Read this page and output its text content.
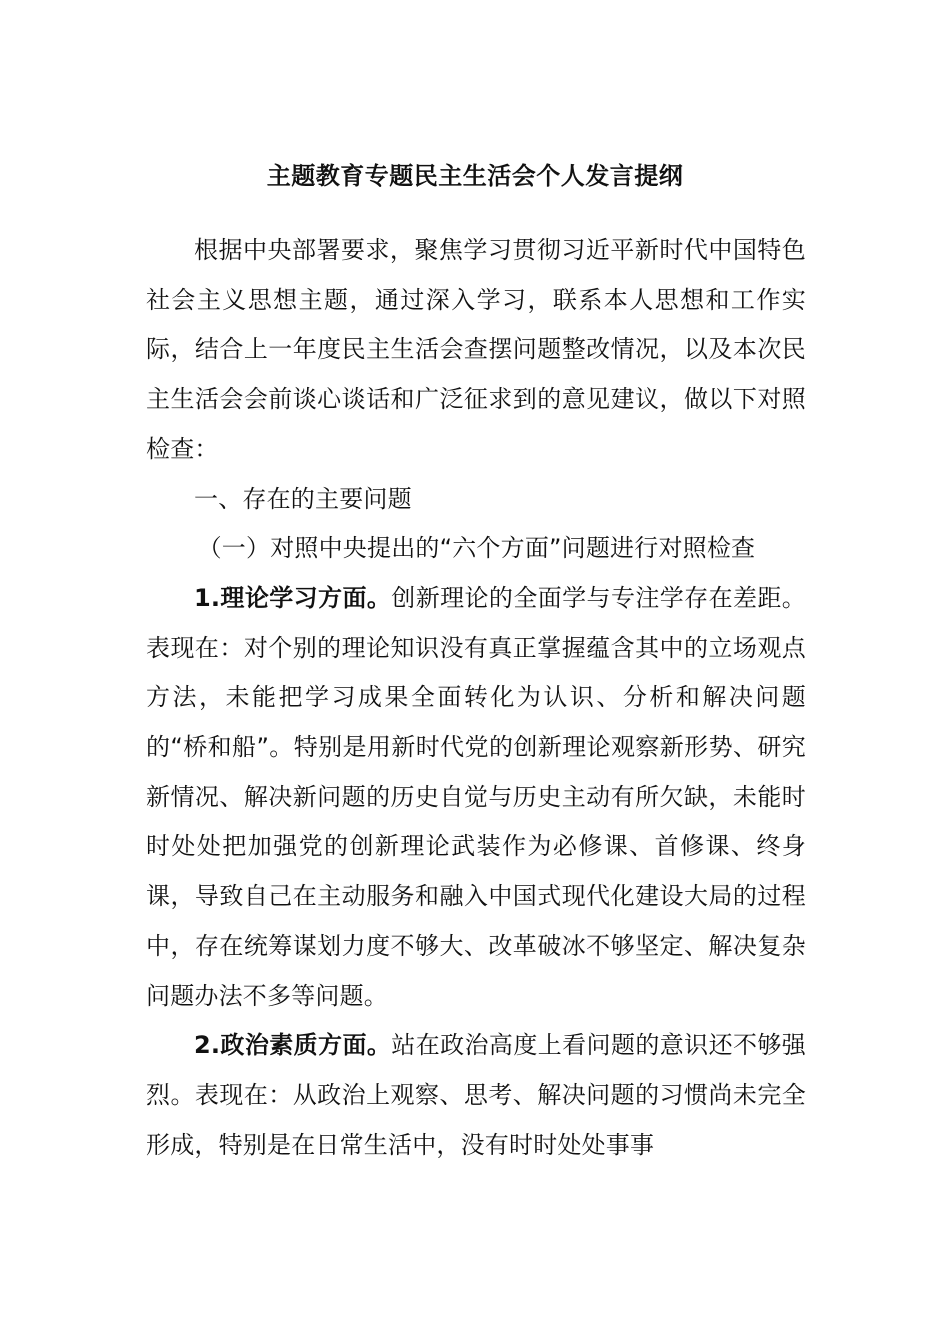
主题教育专题民主生活会个人发言提纲

根据中央部署要求，聚焦学习贯彻习近平新时代中国特色社会主义思想主题，通过深入学习，联系本人思想和工作实际，结合上一年度民主生活会查摆问题整改情况，以及本次民主生活会会前谈心谈话和广泛征求到的意见建议，做以下对照检查：

一、存在的主要问题

（一）对照中央提出的“六个方面”问题进行对照检查

1.理论学习方面。创新理论的全面学与专注学存在差距。表现在：对个别的理论知识没有真正掌握蕴含其中的立场观点方法，未能把学习成果全面转化为认识、分析和解决问题的“桥和船”。特别是用新时代党的创新理论观察新形势、研究新情况、解决新问题的历史自觉与历史主动有所欠缺，未能时时处处把加强党的创新理论武装作为必修课、首修课、终身课，导致自己在主动服务和融入中国式现代化建设大局的过程中，存在统筹谋划力度不够大、改革破冰不够坚定、解决复杂问题办法不多等问题。

2.政治素质方面。站在政治高度上看问题的意识还不够强烈。表现在：从政治上观察、思考、解决问题的习惯尚未完全形成，特别是在日常生活中，没有时时处处事事
